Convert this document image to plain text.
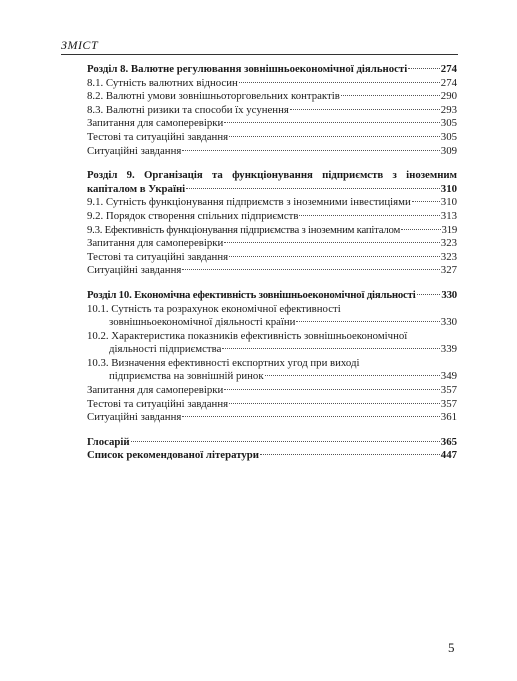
ЗМІСТ
Розділ 8. Валютне регулювання зовнішньоекономічної діяльності	274
8.1. Сутність валютних відносин	274
8.2. Валютні умови зовнішньоторговельних контрактів	290
8.3. Валютні ризики та способи їх усунення	293
Запитання для самоперевірки	305
Тестові та ситуаційні завдання	305
Ситуаційні завдання	309
Розділ 9. Організація та функціонування підприємств з іноземним
капіталом в Україні	310
9.1. Сутність функціонування підприємств з іноземними інвестиціями	310
9.2. Порядок створення спільних підприємств	313
9.3. Ефективність функціонування підприємства з іноземним капіталом	319
Запитання для самоперевірки	323
Тестові та ситуаційні завдання	323
Ситуаційні завдання	327
Розділ 10. Економічна ефективність зовнішньоекономічної діяльності 330
10.1. Сутність та розрахунок економічної ефективності
зовнішньоекономічної діяльності країни	330
10.2. Характеристика показників ефективність зовнішньоекономічної
діяльності підприємства	339
10.3. Визначення ефективності експортних угод при виході
підприємства на зовнішній ринок	349
Запитання для самоперевірки	357
Тестові та ситуаційні завдання	357
Ситуаційні завдання	361
Глосарій	365
Список рекомендованої літератури	447
5
